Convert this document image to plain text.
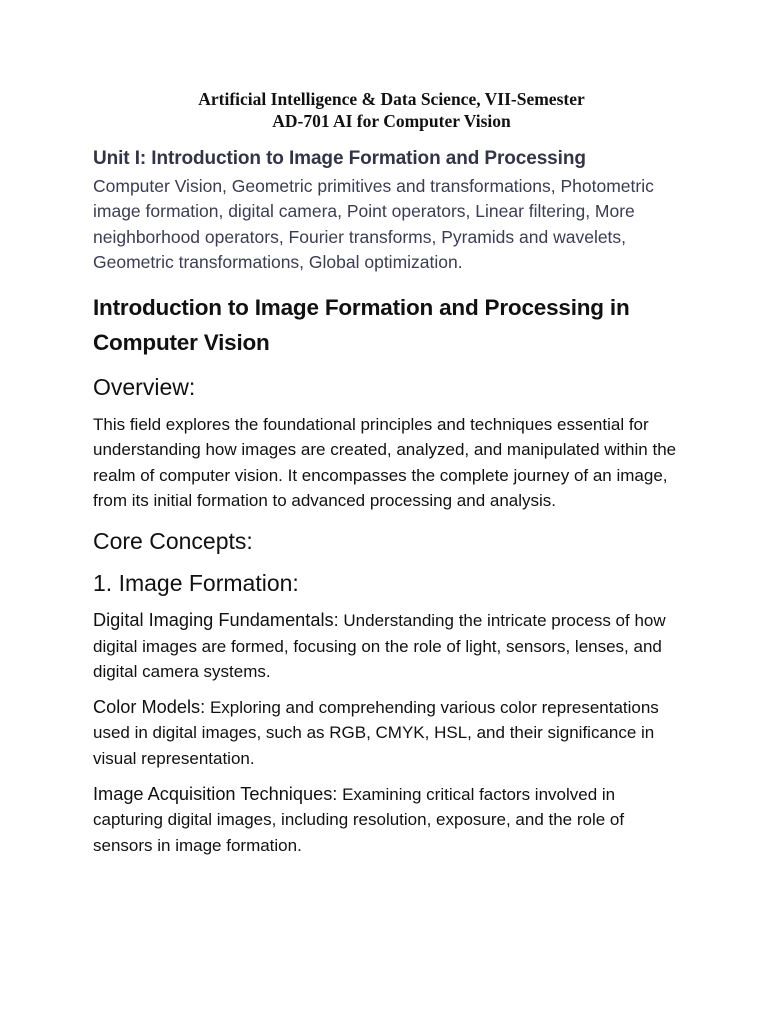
Artificial Intelligence & Data Science, VII-Semester
AD-701 AI for Computer Vision
Unit I: Introduction to Image Formation and Processing
Computer Vision, Geometric primitives and transformations, Photometric image formation, digital camera, Point operators, Linear filtering, More neighborhood operators, Fourier transforms, Pyramids and wavelets, Geometric transformations, Global optimization.
Introduction to Image Formation and Processing in Computer Vision
Overview:
This field explores the foundational principles and techniques essential for understanding how images are created, analyzed, and manipulated within the realm of computer vision. It encompasses the complete journey of an image, from its initial formation to advanced processing and analysis.
Core Concepts:
1. Image Formation:
Digital Imaging Fundamentals: Understanding the intricate process of how digital images are formed, focusing on the role of light, sensors, lenses, and digital camera systems.
Color Models: Exploring and comprehending various color representations used in digital images, such as RGB, CMYK, HSL, and their significance in visual representation.
Image Acquisition Techniques: Examining critical factors involved in capturing digital images, including resolution, exposure, and the role of sensors in image formation.
